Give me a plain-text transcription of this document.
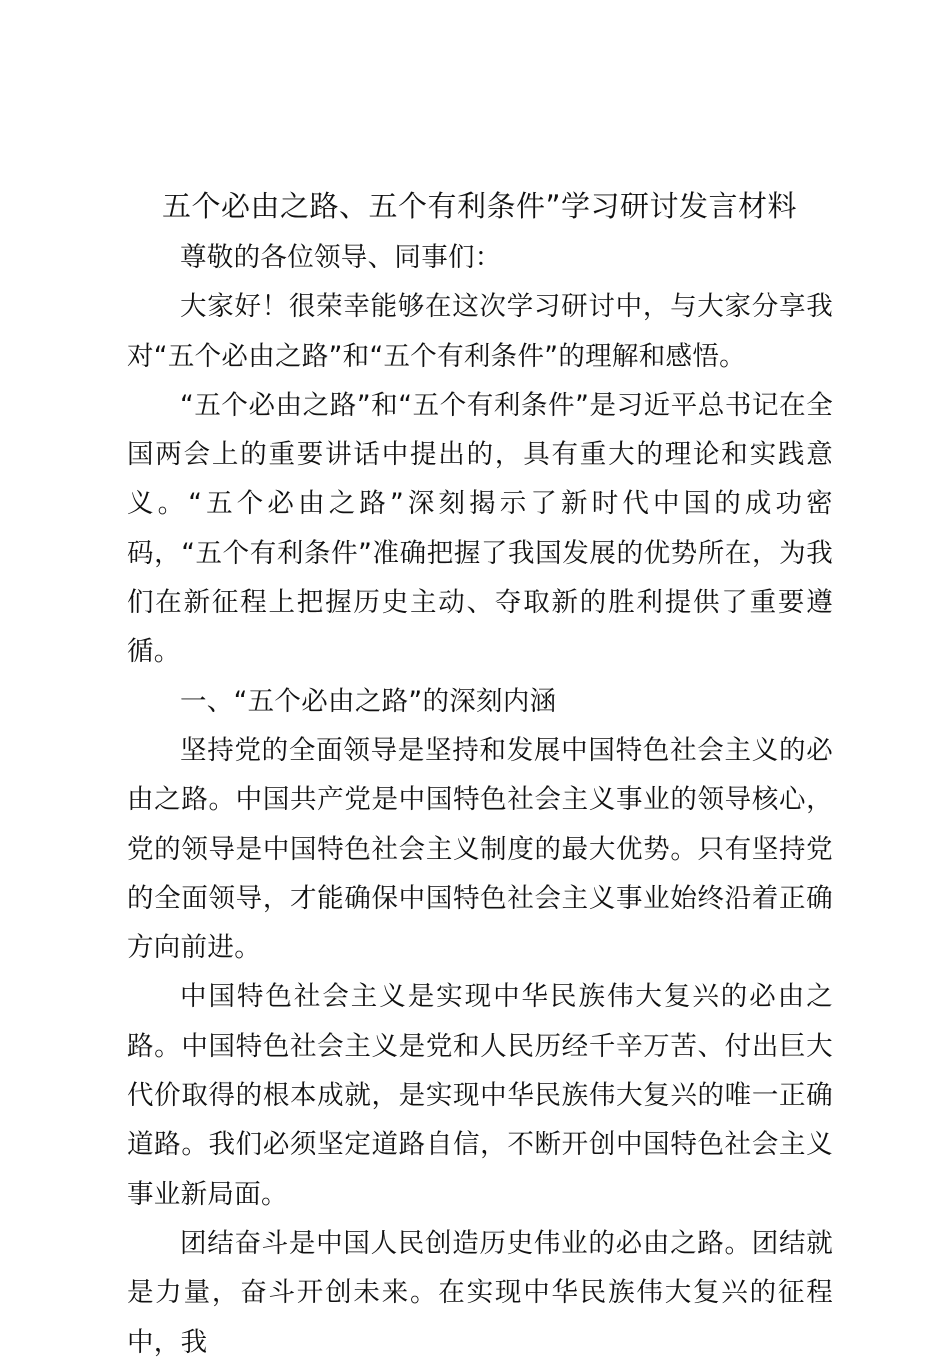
五个必由之路、五个有利条件”学习研讨发言材料

尊敬的各位领导、同事们：

大家好！很荣幸能够在这次学习研讨中，与大家分享我对“五个必由之路”和“五个有利条件”的理解和感悟。

“五个必由之路”和“五个有利条件”是习近平总书记在全国两会上的重要讲话中提出的，具有重大的理论和实践意义。“五个必由之路”深刻揭示了新时代中国的成功密码，“五个有利条件”准确把握了我国发展的优势所在，为我们在新征程上把握历史主动、夺取新的胜利提供了重要遵循。

一、“五个必由之路”的深刻内涵

坚持党的全面领导是坚持和发展中国特色社会主义的必由之路。中国共产党是中国特色社会主义事业的领导核心，党的领导是中国特色社会主义制度的最大优势。只有坚持党的全面领导，才能确保中国特色社会主义事业始终沿着正确方向前进。

中国特色社会主义是实现中华民族伟大复兴的必由之路。中国特色社会主义是党和人民历经千辛万苦、付出巨大代价取得的根本成就，是实现中华民族伟大复兴的唯一正确道路。我们必须坚定道路自信，不断开创中国特色社会主义事业新局面。

团结奋斗是中国人民创造历史伟业的必由之路。团结就是力量，奋斗开创未来。在实现中华民族伟大复兴的征程中，我
